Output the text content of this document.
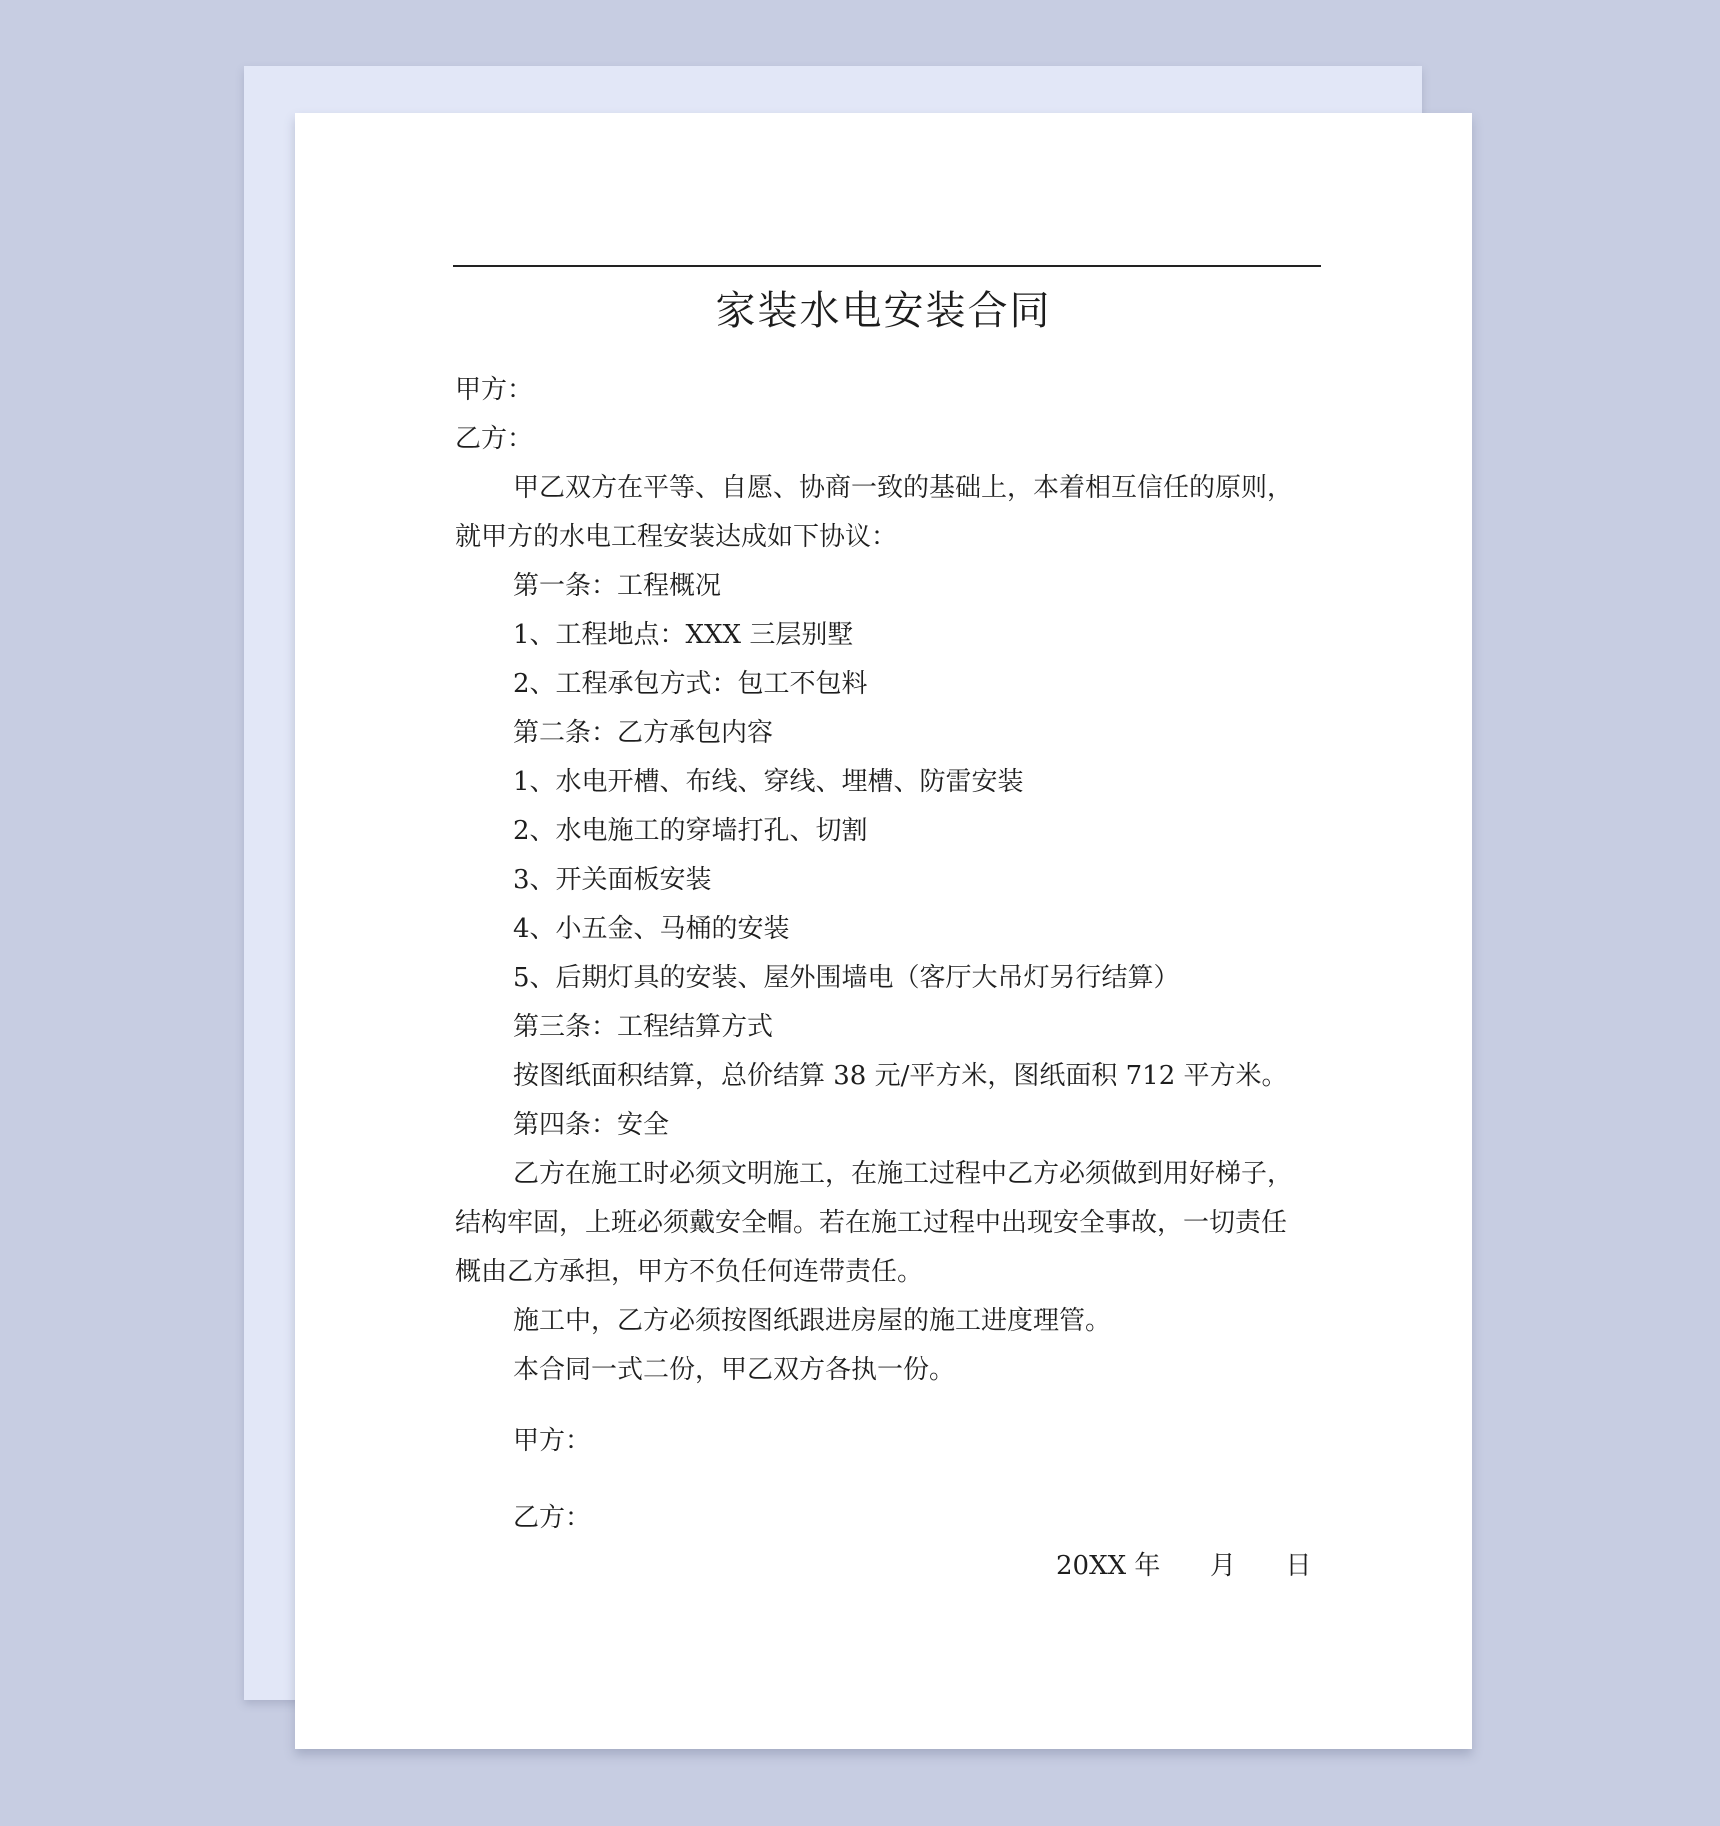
家装水电安装合同
甲方：
乙方：
甲乙双方在平等、自愿、协商一致的基础上，本着相互信任的原则，
就甲方的水电工程安装达成如下协议：
第一条：工程概况
1、工程地点：XXX 三层别墅
2、工程承包方式：包工不包料
第二条：乙方承包内容
1、水电开槽、布线、穿线、埋槽、防雷安装
2、水电施工的穿墙打孔、切割
3、开关面板安装
4、小五金、马桶的安装
5、后期灯具的安装、屋外围墙电（客厅大吊灯另行结算）
第三条：工程结算方式
按图纸面积结算，总价结算 38 元/平方米，图纸面积 712 平方米。
第四条：安全
乙方在施工时必须文明施工，在施工过程中乙方必须做到用好梯子，
结构牢固，上班必须戴安全帽。若在施工过程中出现安全事故，一切责任
概由乙方承担，甲方不负任何连带责任。
施工中，乙方必须按图纸跟进房屋的施工进度理管。
本合同一式二份，甲乙双方各执一份。
甲方：
乙方：
20XX 年      月      日
